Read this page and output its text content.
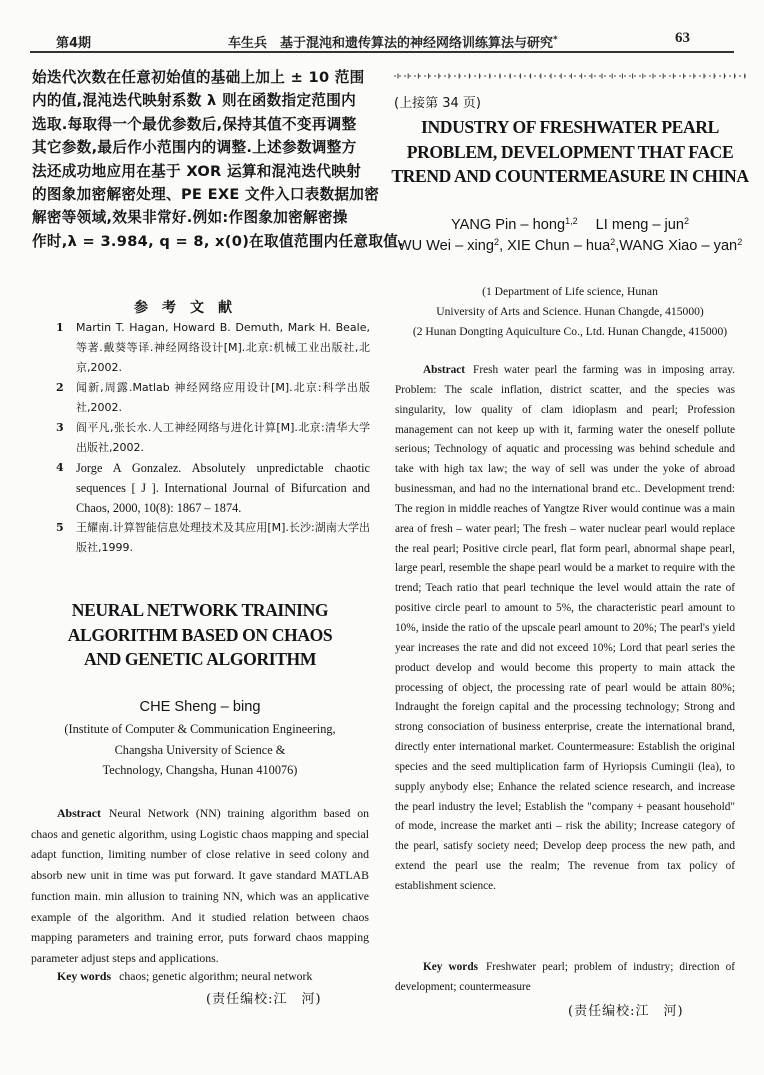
第4期	车生兵　基于混沌和遗传算法的神经网络训练算法与研究*	63
始迭代次数在任意初始值的基础上加上 ± 10 范围
内的值,混沌迭代映射系数 λ 则在函数指定范围内
选取.每取得一个最优参数后,保持其值不变再调整
其它参数,最后作小范围内的调整.上述参数调整方
法还成功地应用在基于 XOR 运算和混沌迭代映射
的图象加密解密处理、PE EXE 文件入口表数据加密
解密等领域,效果非常好.例如:作图象加密解密操
作时,λ = 3.984, q = 8, x(0)在取值范围内任意取值.
参考文献
1 Martin T. Hagan, Howard B. Demuth, Mark H. Beale, 等著.戴葵等译.神经网络设计[M].北京:机械工业出版社,北京,2002.
2 闻新,周露.Matlab 神经网络应用设计[M].北京:科学出版社,2002.
3 阎平凡,张长水.人工神经网络与进化计算[M].北京:清华大学出版社,2002.
4 Jorge A Gonzalez. Absolutely unpredictable chaotic sequences [ J ]. International Journal of Bifurcation and Chaos, 2000, 10(8): 1867 – 1874.
5 王耀南.计算智能信息处理技术及其应用[M].长沙:湖南大学出版社,1999.
NEURAL NETWORK TRAINING
ALGORITHM BASED ON CHAOS
AND GENETIC ALGORITHM
CHE Sheng – bing
(Institute of Computer & Communication Engineering,
Changsha University of Science &
Technology, Changsha, Hunan 410076)
Abstract Neural Network (NN) training algorithm based on chaos and genetic algorithm, using Logistic chaos mapping and special adapt function, limiting number of close relative in seed colony and absorb new unit in time was put forward. It gave standard MATLAB function main. min allusion to training NN, which was an applicative example of the algorithm. And it studied relation between chaos mapping parameters and training error, puts forward chaos mapping parameter adjust steps and applications.
Key words chaos; genetic algorithm; neural network
(责任编校:江　河)
(上接第 34 页)
INDUSTRY OF FRESHWATER PEARL
PROBLEM, DEVELOPMENT THAT FACE
TREND AND COUNTERMEASURE IN CHINA
YANG Pin – hong$^{1,2}$ LI meng – jun$^2$
WU Wei – xing$^2$, XIE Chun – hua$^2$,WANG Xiao – yan$^2$
(1 Department of Life science, Hunan
University of Arts and Science. Hunan Changde, 415000)
(2 Hunan Dongting Aquiculture Co., Ltd. Hunan Changde, 415000)
Abstract Fresh water pearl the farming was in imposing array. Problem: The scale inflation, district scatter, and the species was singularity, low quality of clam idioplasm and pearl; Profession management can not keep up with it, farming water the oneself pollute serious; Technology of aquatic and processing was behind schedule and take with high tax law; the way of sell was under the yoke of abroad businessman, and had no the international brand etc.. Development trend: The region in middle reaches of Yangtze River would continue was a main area of fresh – water pearl; The fresh – water nuclear pearl would replace the real pearl; Positive circle pearl, flat form pearl, abnormal shape pearl, large pearl, resemble the shape pearl would be a market to require with the trend; Teach ratio that pearl technique the level would attain the rate of positive circle pearl to amount to 5%, the characteristic pearl amount to 10%, inside the ratio of the upscale pearl amount to 20%; The pearl's yield year increases the rate and did not exceed 10%; Lord that pearl series the product develop and would become this property to main attack the processing of object, the processing rate of pearl would be attain 80%; Indraught the foreign capital and the processing technology; Strong and strong consociation of business enterprise, create the international brand, directly enter international market. Countermeasure: Establish the original species and the seed multiplication farm of Hyriopsis Cumingii (lea), to supply anybody else; Enhance the related science research, and increase the pearl industry the level; Establish the "company + peasant household" of mode, increase the market anti – risk the ability; Increase category of the pearl, satisfy society need; Develop deep process the new path, and extend the pearl use the realm; The revenue from tax policy of establishment science.
Key words Freshwater pearl; problem of industry; direction of development; countermeasure
(责任编校:江　河)
